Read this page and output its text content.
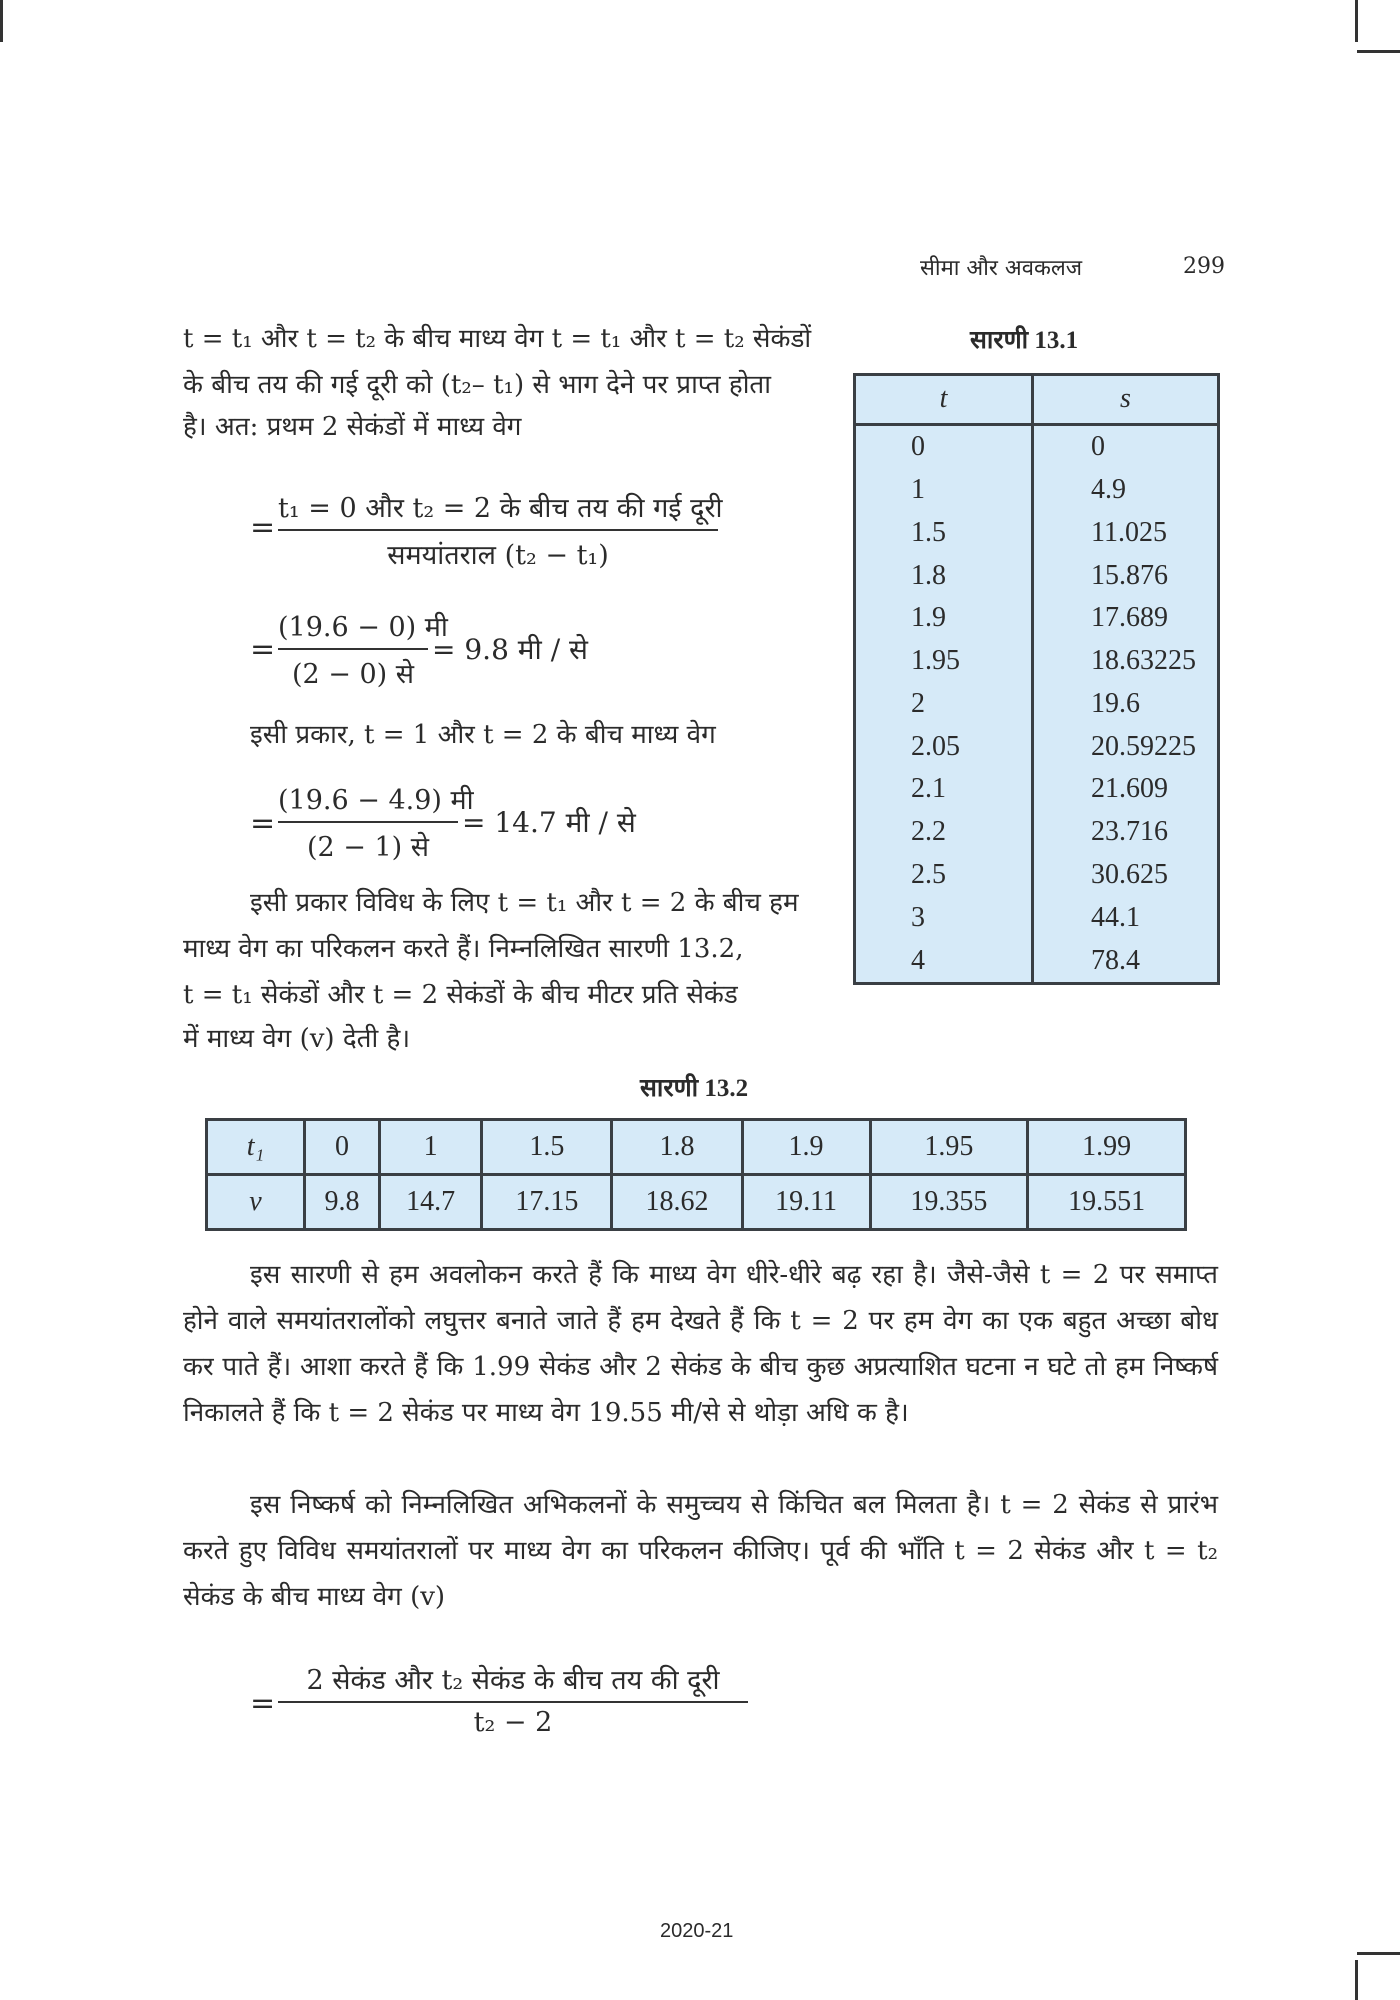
सीमा और अवकलज	299
t = t₁ और t = t₂ के बीच माध्य वेग t = t₁ और t = t₂ सेकंडों
के बीच तय की गई दूरी को (t₂– t₁) से भाग देने पर प्राप्त होता
है। अत: प्रथम 2 सेकंडों में माध्य वेग
=
t₁ = 0 और t₂ = 2 के बीच तय की गई दूरी
समयांतराल (t₂ − t₁)
=
(19.6 − 0) मी
(2 − 0) से
= 9.8 मी / से
इसी प्रकार, t = 1 और t = 2 के बीच माध्य वेग
=
(19.6 − 4.9) मी
(2 − 1) से
= 14.7 मी / से
इसी प्रकार विविध के लिए t = t₁ और t = 2 के बीच हम
माध्य वेग का परिकलन करते हैं। निम्नलिखित सारणी 13.2,
t = t₁ सेकंडों और t = 2 सेकंडों के बीच मीटर प्रति सेकंड
में माध्य वेग (v) देती है।
सारणी 13.1
t	s
0	0
1	4.9
1.5	11.025
1.8	15.876
1.9	17.689
1.95	18.63225
2	19.6
2.05	20.59225
2.1	21.609
2.2	23.716
2.5	30.625
3	44.1
4	78.4
सारणी 13.2
t₁	0	1	1.5	1.8	1.9	1.95	1.99
v	9.8	14.7	17.15	18.62	19.11	19.355	19.551
इस सारणी से हम अवलोकन करते हैं कि माध्य वेग धीरे-धीरे बढ़ रहा है। जैसे-जैसे t = 2 पर समाप्त होने वाले समयांतरालोंको लघुत्तर बनाते जाते हैं हम देखते हैं कि t = 2 पर हम वेग का एक बहुत अच्छा बोध कर पाते हैं। आशा करते हैं कि 1.99 सेकंड और 2 सेकंड के बीच कुछ अप्रत्याशित घटना न घटे तो हम निष्कर्ष निकालते हैं कि t = 2 सेकंड पर माध्य वेग 19.55 मी/से से थोड़ा अधि क है।
इस निष्कर्ष को निम्नलिखित अभिकलनों के समुच्चय से किंचित बल मिलता है। t = 2 सेकंड से प्रारंभ करते हुए विविध समयांतरालों पर माध्य वेग का परिकलन कीजिए। पूर्व की भाँति t = 2 सेकंड और t = t₂ सेकंड के बीच माध्य वेग (v)
=
2 सेकंड और t₂ सेकंड के बीच तय की दूरी
t₂ − 2
2020-21
